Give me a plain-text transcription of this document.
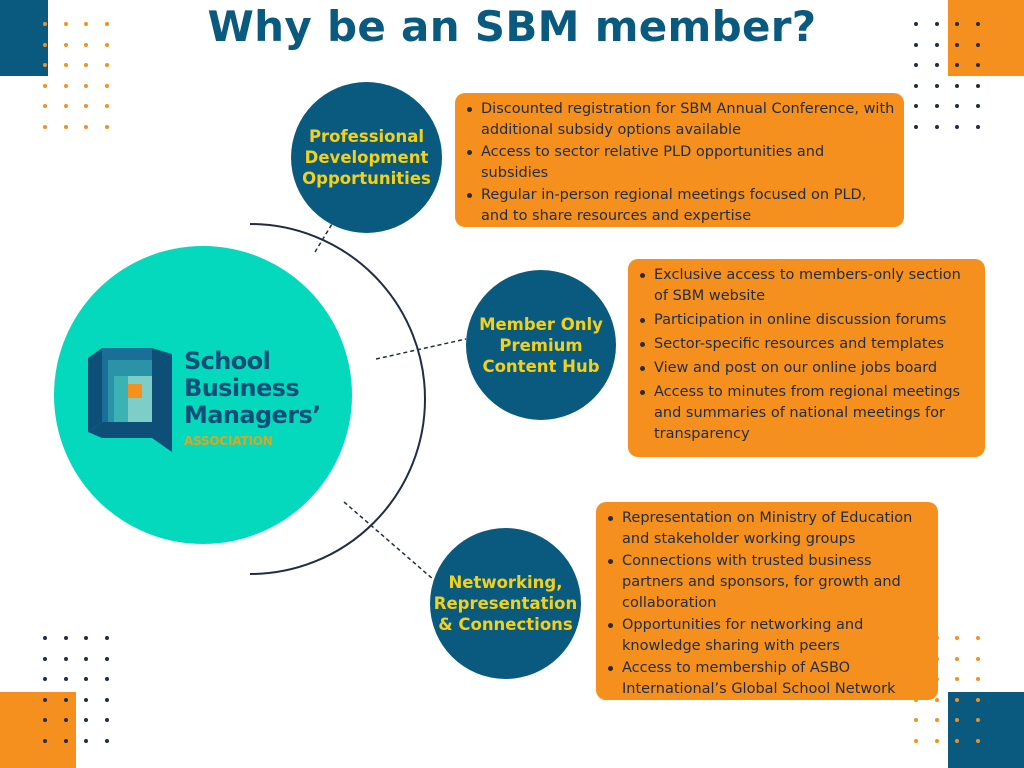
Why be an SBM member?
School
Business
Managers’
ASSOCIATION
Professional
Development
Opportunities
Member Only
Premium
Content Hub
Networking,
Representation
& Connections
Discounted registration for SBM Annual Conference, with additional subsidy options available
Access to sector relative PLD opportunities and subsidies
Regular in-person regional meetings focused on PLD, and to share resources and expertise
Exclusive access to members-only section of SBM website
Participation in online discussion forums
Sector-specific resources and templates
View and post on our online jobs board
Access to minutes from regional meetings and summaries of national meetings for transparency
Representation on Ministry of Education and stakeholder working groups
Connections with trusted business partners and sponsors, for growth and collaboration
Opportunities for networking and knowledge sharing with peers
Access to membership of ASBO International’s Global School Network
